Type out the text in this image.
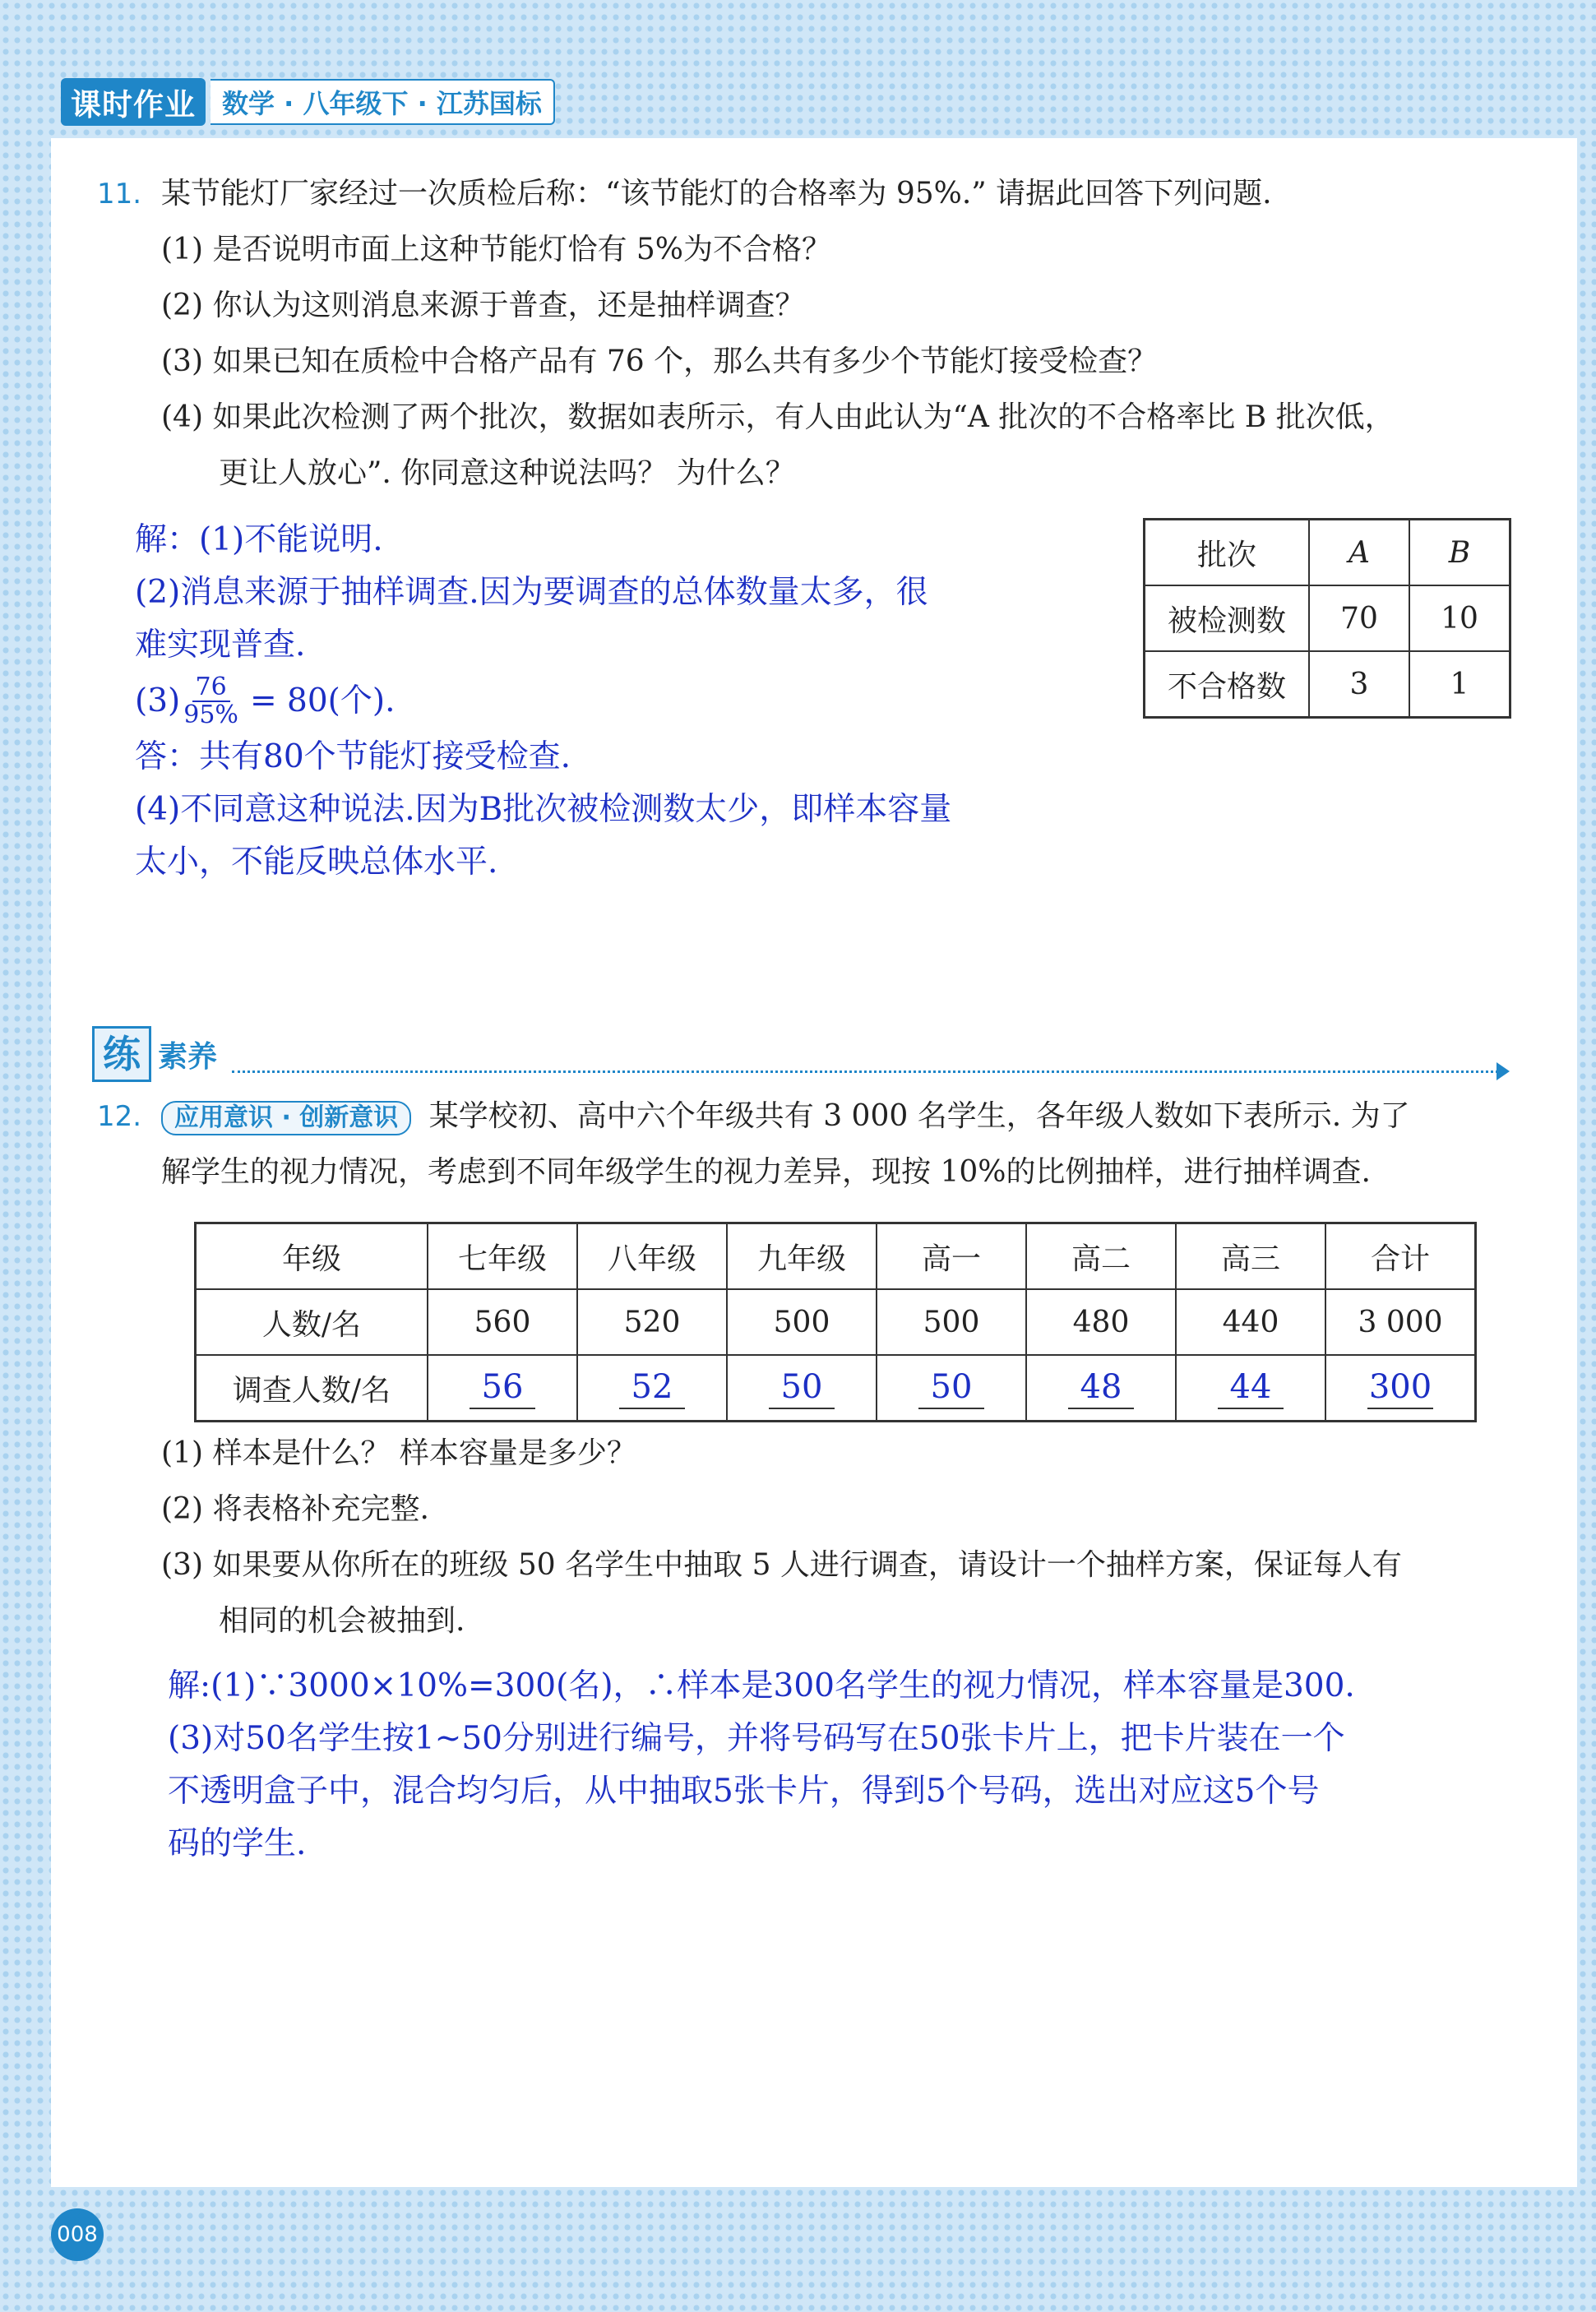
课时作业	数学 · 八年级下 · 江苏国标
11. 某节能灯厂家经过一次质检后称：“该节能灯的合格率为 95%.” 请据此回答下列问题.
(1) 是否说明市面上这种节能灯恰有 5%为不合格？
(2) 你认为这则消息来源于普查，还是抽样调查？
(3) 如果已知在质检中合格产品有 76 个，那么共有多少个节能灯接受检查？
(4) 如果此次检测了两个批次，数据如表所示，有人由此认为“A 批次的不合格率比 B 批次低，
更让人放心”. 你同意这种说法吗？ 为什么？
批次	A	B
被检测数	70	10
不合格数	3	1
解：(1)不能说明.
(2)消息来源于抽样调查.因为要调查的总体数量太多，很
难实现普查.
$(3) \frac{76}{95\%} = 80$(个).
答：共有80个节能灯接受检查.
(4)不同意这种说法.因为B批次被检测数太少，即样本容量
太小，不能反映总体水平.
练 素养
12.	应用意识 · 创新意识 某学校初、高中六个年级共有 3 000 名学生，各年级人数如下表所示. 为了
解学生的视力情况，考虑到不同年级学生的视力差异，现按 10%的比例抽样，进行抽样调查.
年级	七年级	八年级	九年级	高一	高二	高三	合计
人数/名	560	520	500	500	480	440	3 000
调查人数/名	56	52	50	50	48	44	300
(1) 样本是什么？ 样本容量是多少？
(2) 将表格补充完整.
(3) 如果要从你所在的班级 50 名学生中抽取 5 人进行调查，请设计一个抽样方案，保证每人有
相同的机会被抽到.
解:(1)∵3000×10%=300(名)，∴样本是300名学生的视力情况，样本容量是300.
(3)对50名学生按1~50分别进行编号，并将号码写在50张卡片上，把卡片装在一个
不透明盒子中，混合均匀后，从中抽取5张卡片，得到5个号码，选出对应这5个号
码的学生.
008
